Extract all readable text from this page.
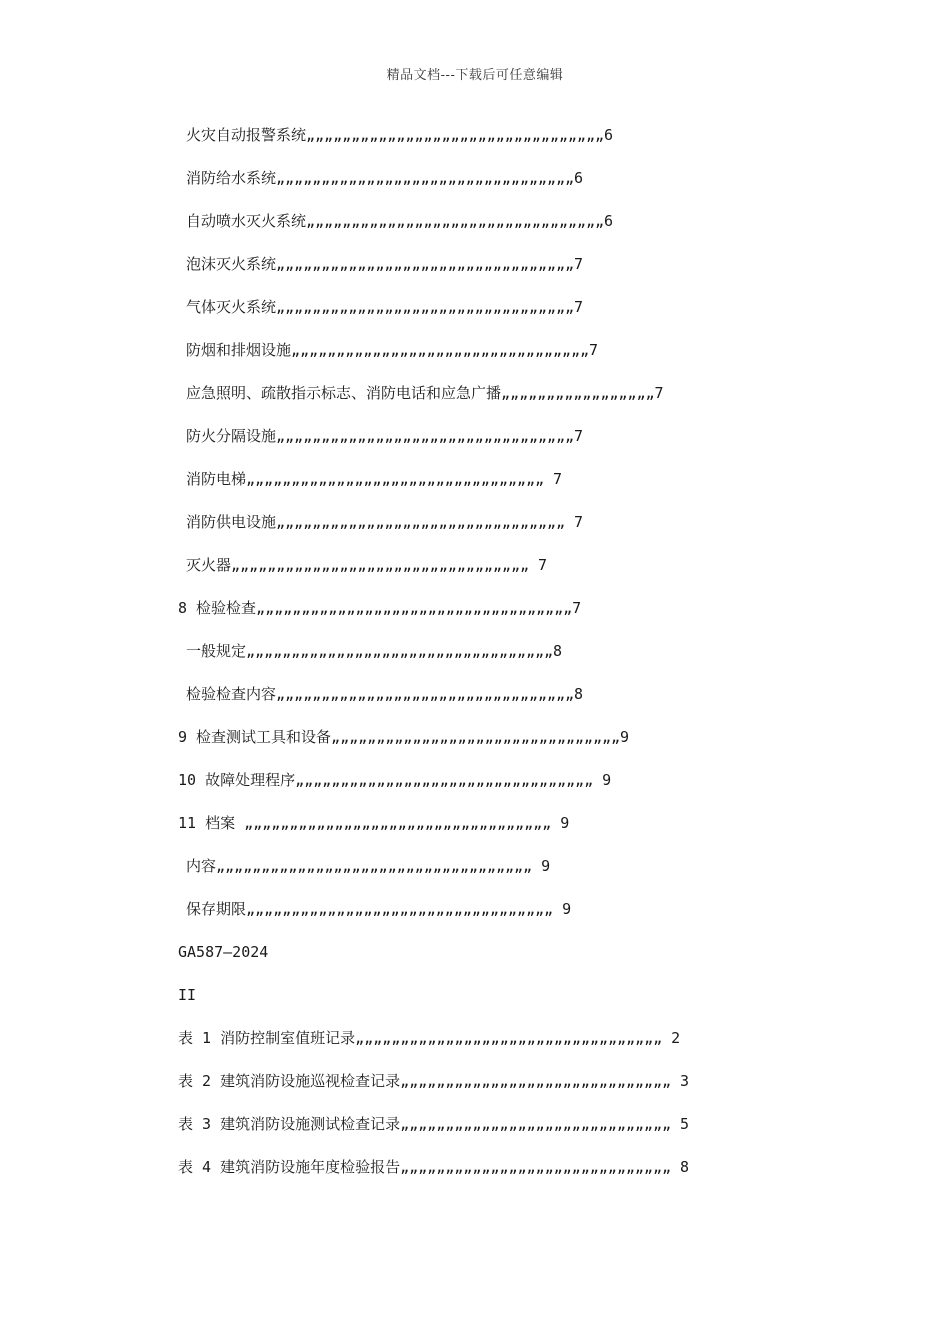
精品文档---下载后可任意编辑
火灾自动报警系统„„„„„„„„„„„„„„„„„„„„„„„„„„„„„„„„„6
消防给水系统„„„„„„„„„„„„„„„„„„„„„„„„„„„„„„„„„6
自动喷水灭火系统„„„„„„„„„„„„„„„„„„„„„„„„„„„„„„„„„6
泡沫灭火系统„„„„„„„„„„„„„„„„„„„„„„„„„„„„„„„„„7
气体灭火系统„„„„„„„„„„„„„„„„„„„„„„„„„„„„„„„„„7
防烟和排烟设施„„„„„„„„„„„„„„„„„„„„„„„„„„„„„„„„„7
应急照明、疏散指示标志、消防电话和应急广播„„„„„„„„„„„„„„„„„7
防火分隔设施„„„„„„„„„„„„„„„„„„„„„„„„„„„„„„„„„7
消防电梯„„„„„„„„„„„„„„„„„„„„„„„„„„„„„„„„„ 7
消防供电设施„„„„„„„„„„„„„„„„„„„„„„„„„„„„„„„„ 7
灭火器„„„„„„„„„„„„„„„„„„„„„„„„„„„„„„„„„ 7
8 检验检查„„„„„„„„„„„„„„„„„„„„„„„„„„„„„„„„„„„7
一般规定„„„„„„„„„„„„„„„„„„„„„„„„„„„„„„„„„„8
检验检查内容„„„„„„„„„„„„„„„„„„„„„„„„„„„„„„„„„8
9 检查测试工具和设备„„„„„„„„„„„„„„„„„„„„„„„„„„„„„„„„9
10 故障处理程序„„„„„„„„„„„„„„„„„„„„„„„„„„„„„„„„„ 9
11 档案 „„„„„„„„„„„„„„„„„„„„„„„„„„„„„„„„„„ 9
内容„„„„„„„„„„„„„„„„„„„„„„„„„„„„„„„„„„„ 9
保存期限„„„„„„„„„„„„„„„„„„„„„„„„„„„„„„„„„„ 9
GA587—2024
II
表 1 消防控制室值班记录„„„„„„„„„„„„„„„„„„„„„„„„„„„„„„„„„„ 2
表 2 建筑消防设施巡视检查记录„„„„„„„„„„„„„„„„„„„„„„„„„„„„„„ 3
表 3 建筑消防设施测试检查记录„„„„„„„„„„„„„„„„„„„„„„„„„„„„„„ 5
表 4 建筑消防设施年度检验报告„„„„„„„„„„„„„„„„„„„„„„„„„„„„„„ 8
